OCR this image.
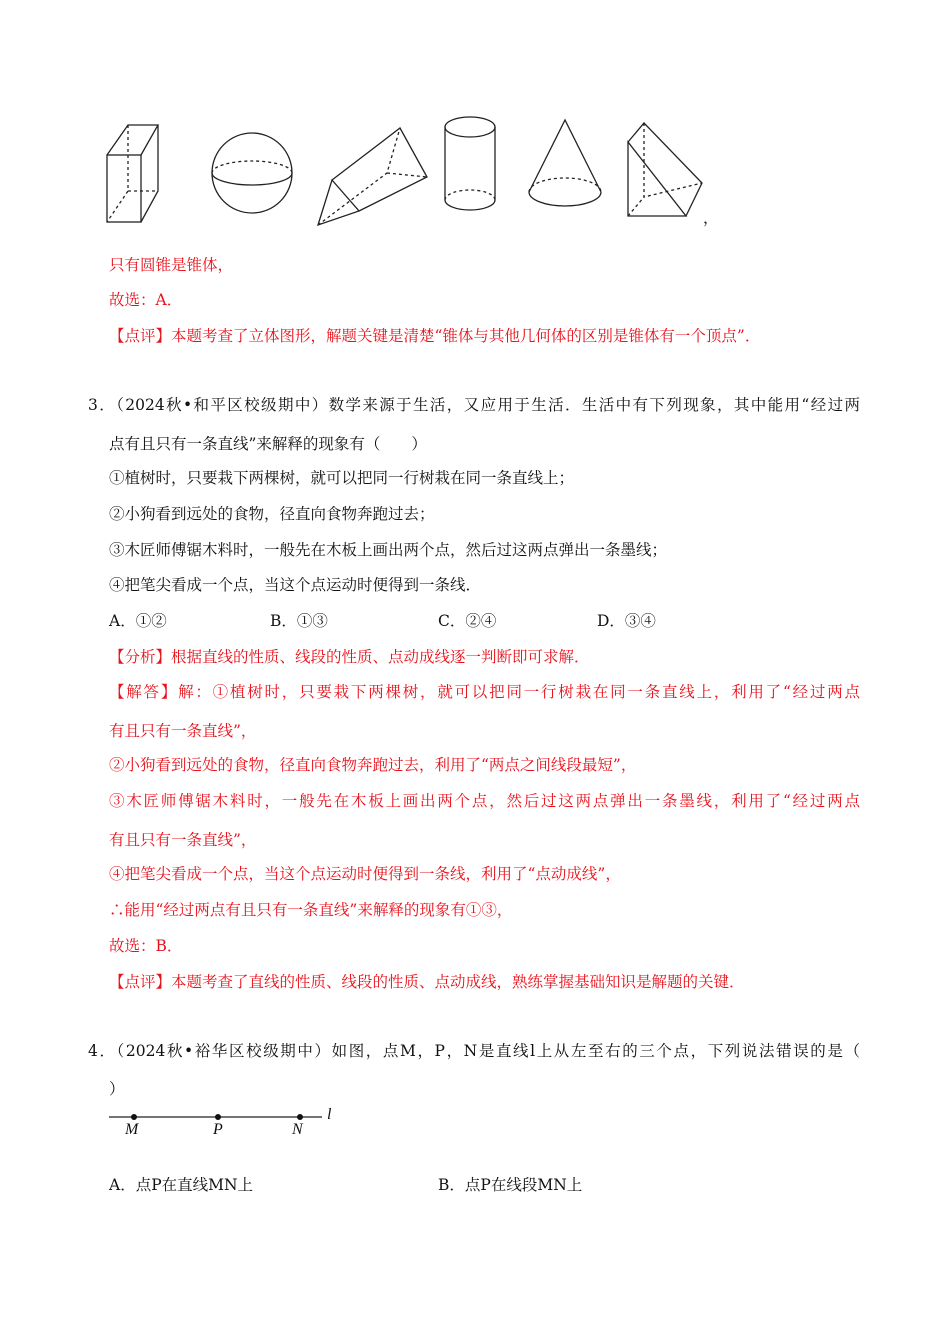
，
只有圆锥是锥体，
故选：A．
【点评】本题考查了立体图形，解题关键是清楚“锥体与其他几何体的区别是锥体有一个顶点”．
3．（2024秋•和平区校级期中）数学来源于生活，又应用于生活．生活中有下列现象，其中能用“经过两
点有且只有一条直线”来解释的现象有（　　）
①植树时，只要栽下两棵树，就可以把同一行树栽在同一条直线上；
②小狗看到远处的食物，径直向食物奔跑过去；
③木匠师傅锯木料时，一般先在木板上画出两个点，然后过这两点弹出一条墨线；
④把笔尖看成一个点，当这个点运动时便得到一条线．
A．①②	B．①③	C．②④	D．③④
【分析】根据直线的性质、线段的性质、点动成线逐一判断即可求解．
【解答】解：①植树时，只要栽下两棵树，就可以把同一行树栽在同一条直线上，利用了“经过两点
有且只有一条直线”，
②小狗看到远处的食物，径直向食物奔跑过去，利用了“两点之间线段最短”，
③木匠师傅锯木料时，一般先在木板上画出两个点，然后过这两点弹出一条墨线，利用了“经过两点
有且只有一条直线”，
④把笔尖看成一个点，当这个点运动时便得到一条线，利用了“点动成线”，
∴能用“经过两点有且只有一条直线”来解释的现象有①③，
故选：B．
【点评】本题考查了直线的性质、线段的性质、点动成线，熟练掌握基础知识是解题的关键．
4．（2024秋•裕华区校级期中）如图，点M，P，N是直线l上从左至右的三个点，下列说法错误的是（
）
M	P	N
l
A．点P在直线MN上	B．点P在线段MN上
